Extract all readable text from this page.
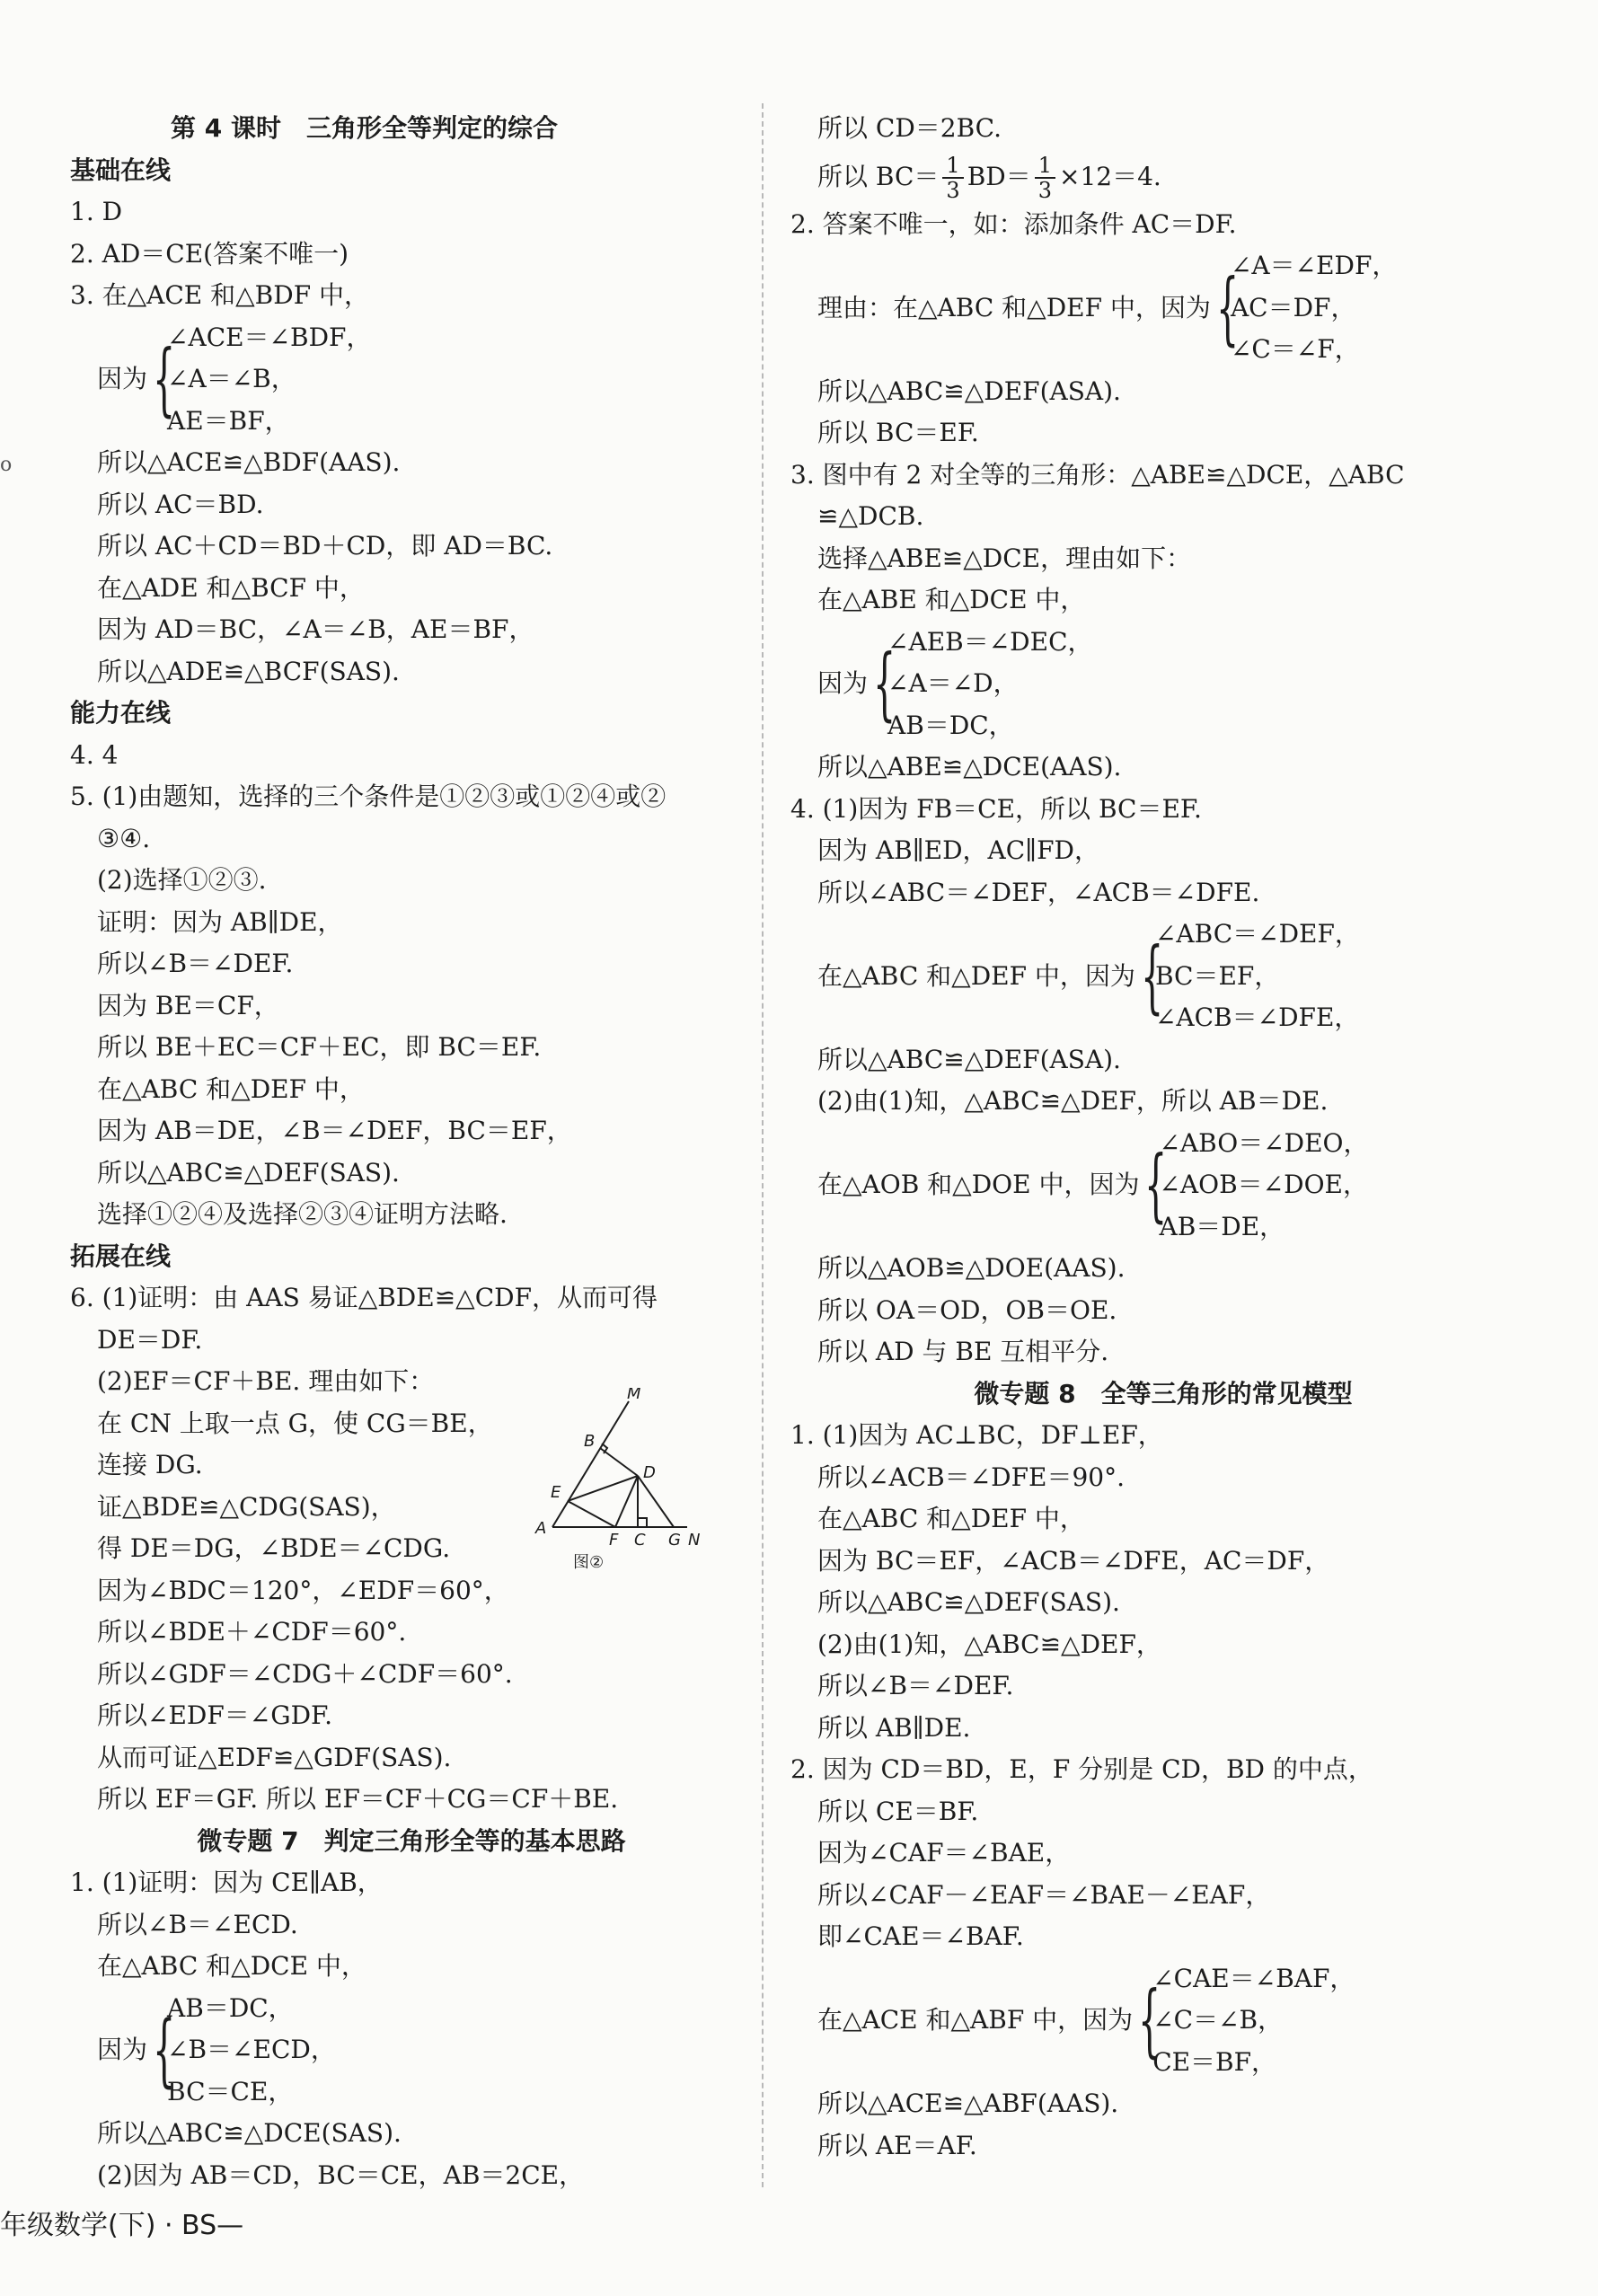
o
第 4 课时　三角形全等判定的综合
基础在线
1. D
2. AD＝CE(答案不唯一)
3. 在△ACE 和△BDF 中，
因为 {
∠ACE＝∠BDF，
∠A＝∠B，
AE＝BF，
所以△ACE≌△BDF(AAS).
所以 AC＝BD.
所以 AC＋CD＝BD＋CD，即 AD＝BC.
在△ADE 和△BCF 中，
因为 AD＝BC，∠A＝∠B，AE＝BF，
所以△ADE≌△BCF(SAS).
能力在线
4. 4
5. (1)由题知，选择的三个条件是①②③或①②④或②
③④.
(2)选择①②③.
证明：因为 AB∥DE，
所以∠B＝∠DEF.
因为 BE＝CF，
所以 BE＋EC＝CF＋EC，即 BC＝EF.
在△ABC 和△DEF 中，
因为 AB＝DE，∠B＝∠DEF，BC＝EF，
所以△ABC≌△DEF(SAS).
选择①②④及选择②③④证明方法略.
拓展在线
6. (1)证明：由 AAS 易证△BDE≌△CDF，从而可得
DE＝DF.
(2)EF＝CF＋BE. 理由如下：
在 CN 上取一点 G，使 CG＝BE，
连接 DG.
证△BDE≌△CDG(SAS)，
得 DE＝DG，∠BDE＝∠CDG.
因为∠BDC＝120°，∠EDF＝60°，
所以∠BDE＋∠CDF＝60°.
所以∠GDF＝∠CDG＋∠CDF＝60°.
所以∠EDF＝∠GDF.
从而可证△EDF≌△GDF(SAS).
所以 EF＝GF. 所以 EF＝CF＋CG＝CF＋BE.
微专题 7　判定三角形全等的基本思路
1. (1)证明：因为 CE∥AB，
所以∠B＝∠ECD.
在△ABC 和△DCE 中，
因为 {
AB＝DC，
∠B＝∠ECD，
BC＝CE，
所以△ABC≌△DCE(SAS).
(2)因为 AB＝CD，BC＝CE，AB＝2CE，
M
B
E
D
A
F C G N
图②
所以 CD＝2BC.
所以 $BC= \frac{1}{3} BD= \frac{1}{3} \times 12=4$.
2. 答案不唯一，如：添加条件 AC＝DF.
理由：在△ABC 和△DEF 中，因为 {
∠A＝∠EDF，
AC＝DF，
∠C＝∠F，
所以△ABC≌△DEF(ASA).
所以 BC＝EF.
3. 图中有 2 对全等的三角形：△ABE≌△DCE，△ABC
≌△DCB.
选择△ABE≌△DCE，理由如下：
在△ABE 和△DCE 中，
因为 {
∠AEB＝∠DEC，
∠A＝∠D，
AB＝DC，
所以△ABE≌△DCE(AAS).
4. (1)因为 FB＝CE，所以 BC＝EF.
因为 AB∥ED，AC∥FD，
所以∠ABC＝∠DEF，∠ACB＝∠DFE.
在△ABC 和△DEF 中，因为 {
∠ABC＝∠DEF，
BC＝EF，
∠ACB＝∠DFE，
所以△ABC≌△DEF(ASA).
(2)由(1)知，△ABC≌△DEF，所以 AB＝DE.
在△AOB 和△DOE 中，因为 {
∠ABO＝∠DEO，
∠AOB＝∠DOE，
AB＝DE，
所以△AOB≌△DOE(AAS).
所以 OA＝OD，OB＝OE.
所以 AD 与 BE 互相平分.
微专题 8　全等三角形的常见模型
1. (1)因为 AC⊥BC，DF⊥EF，
所以∠ACB＝∠DFE＝90°.
在△ABC 和△DEF 中，
因为 BC＝EF，∠ACB＝∠DFE，AC＝DF，
所以△ABC≌△DEF(SAS).
(2)由(1)知，△ABC≌△DEF，
所以∠B＝∠DEF.
所以 AB∥DE.
2. 因为 CD＝BD，E，F 分别是 CD，BD 的中点，
所以 CE＝BF.
因为∠CAF＝∠BAE，
所以∠CAF－∠EAF＝∠BAE－∠EAF，
即∠CAE＝∠BAF.
在△ACE 和△ABF 中，因为 {
∠CAE＝∠BAF，
∠C＝∠B，
CE＝BF，
所以△ACE≌△ABF(AAS).
所以 AE＝AF.
年级数学(下) · BS—
